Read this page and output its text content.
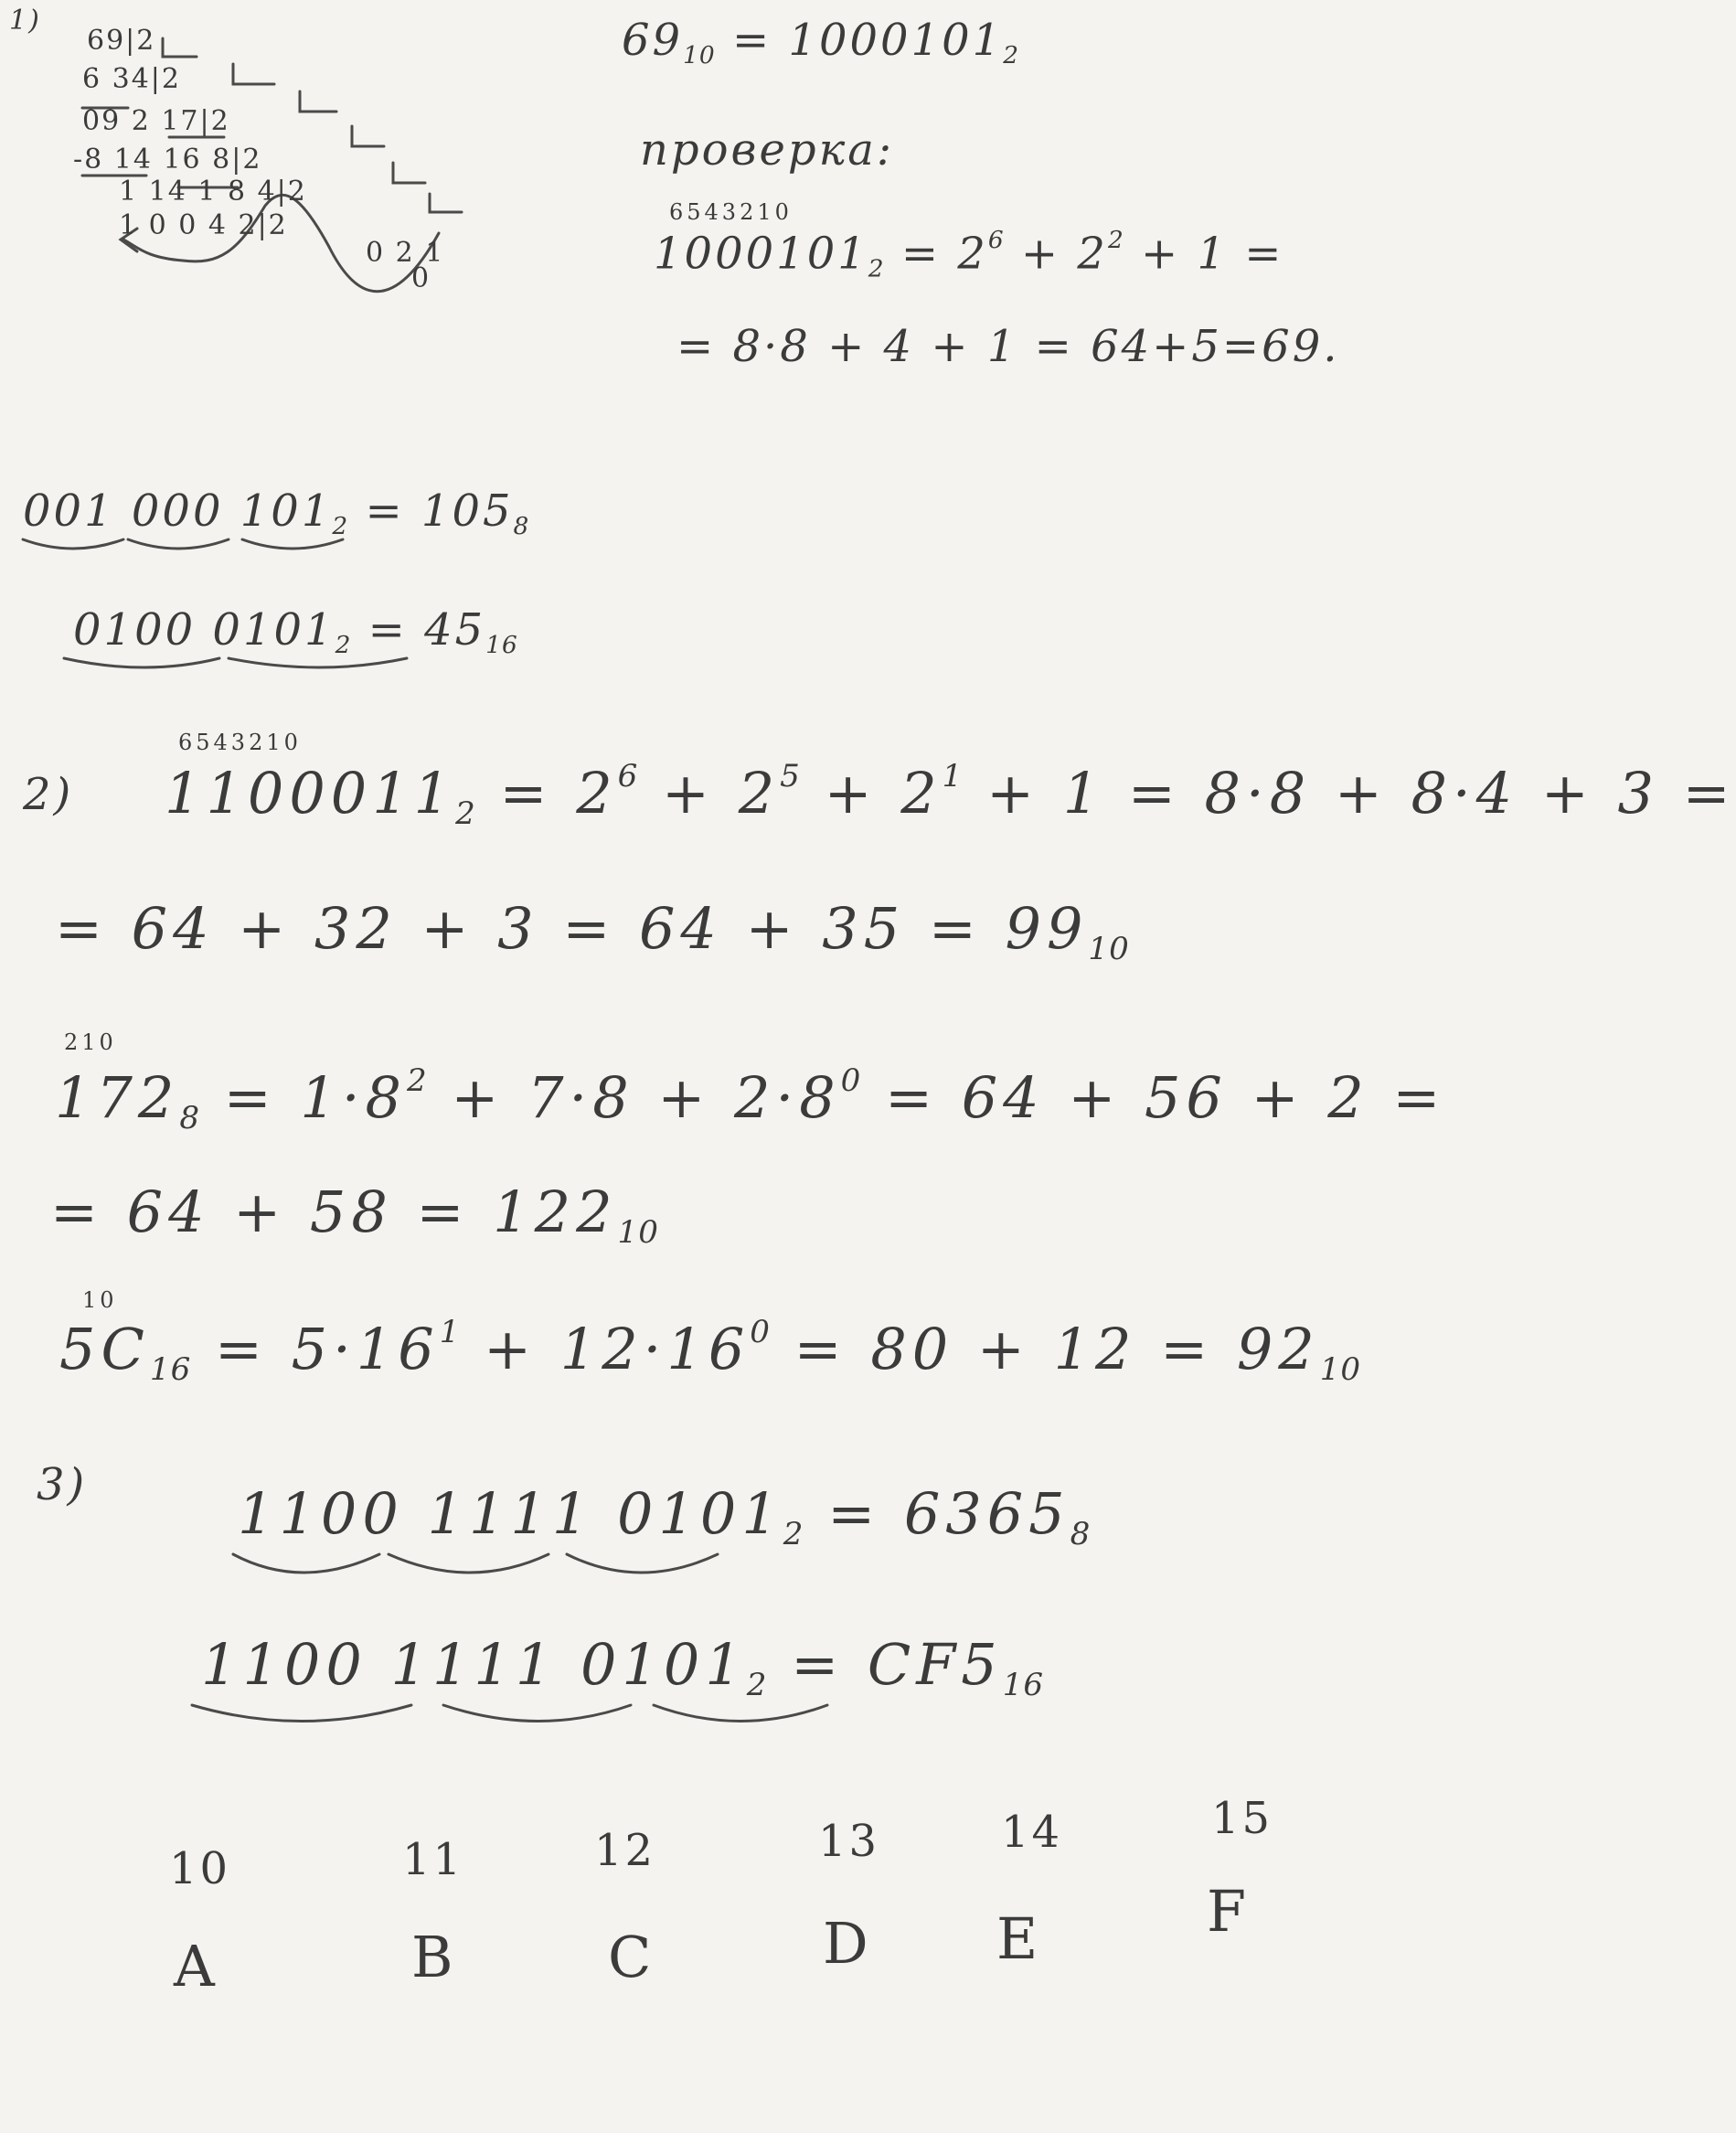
1)
69|2
6 34|2
09 2 17|2
-8 14 16 8|2
1 14 1 8 4|2
1 0 0 4 2|2
0 2 1
0
$69_{10} = 1000101_2$
проверка:
6543210
$1000101_2 = 2^6 + 2^2 + 1$ =
= 8·8 + 4 + 1 = 64+5=69.
001 000 $101_2 = 105_8$
0100 $0101_2 = 45_{16}$
2)
6543210
$1100011_2 = 2^6 + 2^5 + 2^1 + 1 = 8\cdot 8 + 8\cdot 4 + 3$ =
= $64 + 32 + 3 = 64 + 35 = 99_{10}$
210
$172_8 = 1\cdot 8^2 + 7\cdot 8 + 2\cdot 8^0 = 64 + 56 + 2$ =
= $64 + 58 = 122_{10}$
10
$5C_{16} = 5\cdot 16^1 + 12\cdot 16^0 = 80 + 12 = 92_{10}$
3)	1100 1111 $0101_2 = 6365_8$
1100 1111 $0101_2 = CF5_{16}$
10
A
11
B
12
C
13
D
14
E
15
F
